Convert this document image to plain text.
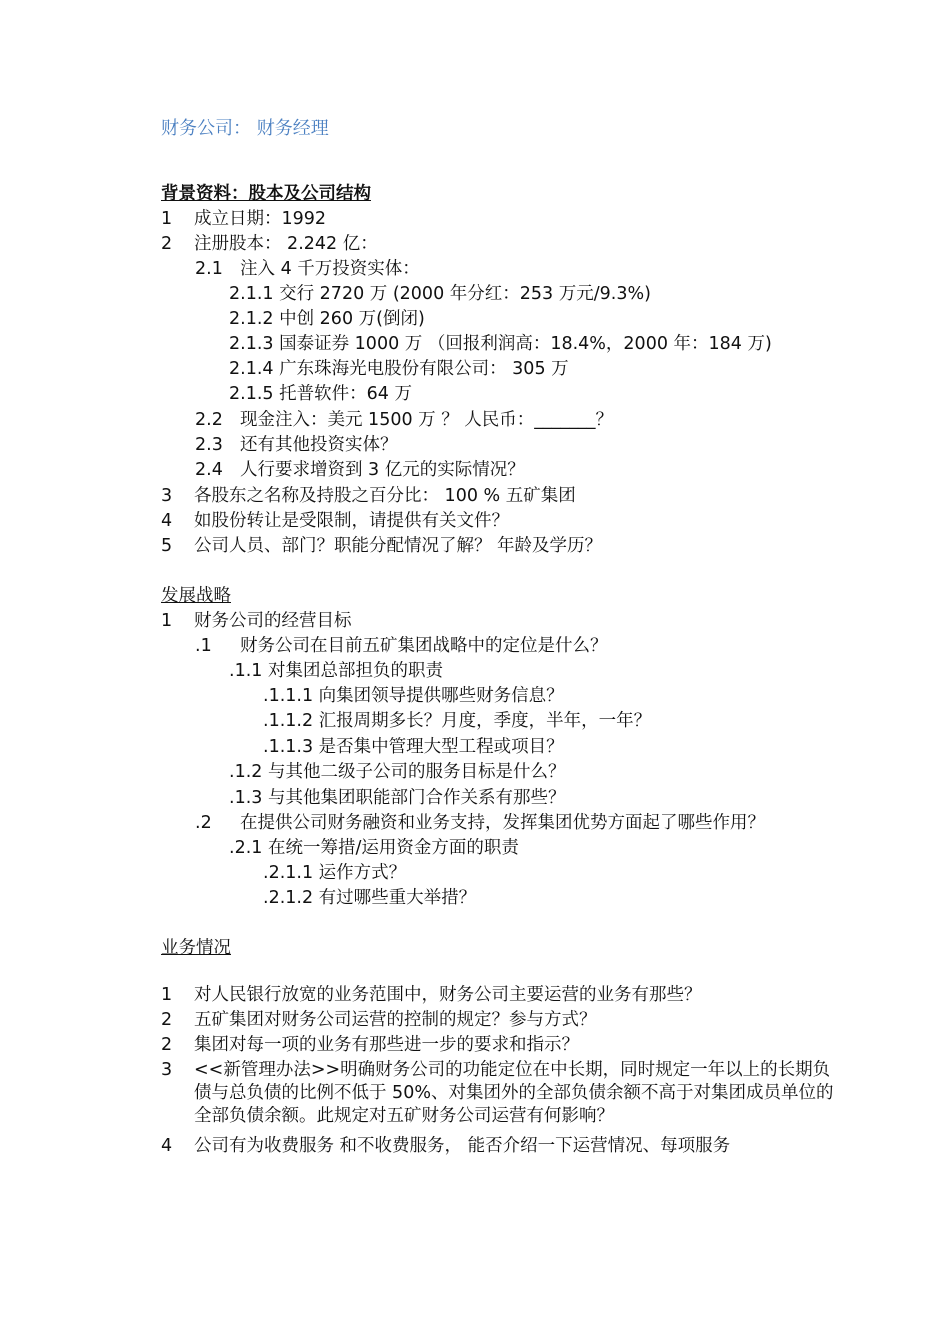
财务公司： 财务经理
背景资料：股本及公司结构
1 成立日期：1992
2 注册股本： 2.242 亿：
2.1 注入 4 千万投资实体：
2.1.1 交行 2720 万 (2000 年分红：253 万元/9.3%)
2.1.2 中创 260 万(倒闭)
2.1.3 国泰证券 1000 万 （回报利润高：18.4%，2000 年：184 万)
2.1.4 广东珠海光电股份有限公司： 305 万
2.1.5 托普软件：64 万
2.2 现金注入：美元 1500 万 ？ 人民币：_______？
2.3 还有其他投资实体？
2.4 人行要求增资到 3 亿元的实际情况？
3 各股东之名称及持股之百分比： 100 % 五矿集团
4 如股份转让是受限制，请提供有关文件？
5 公司人员、部门？职能分配情况了解？ 年龄及学历？
发展战略
1 财务公司的经营目标
.1 财务公司在目前五矿集团战略中的定位是什么？
.1.1 对集团总部担负的职责
.1.1.1 向集团领导提供哪些财务信息？
.1.1.2 汇报周期多长？月度，季度，半年，一年？
.1.1.3 是否集中管理大型工程或项目？
.1.2 与其他二级子公司的服务目标是什么？
.1.3 与其他集团职能部门合作关系有那些？
.2 在提供公司财务融资和业务支持，发挥集团优势方面起了哪些作用？
.2.1 在统一筹措/运用资金方面的职责
.2.1.1 运作方式？
.2.1.2 有过哪些重大举措？
业务情况
1 对人民银行放宽的业务范围中，财务公司主要运营的业务有那些？
2 五矿集团对财务公司运营的控制的规定？参与方式？
2 集团对每一项的业务有那些进一步的要求和指示？
3 <<新管理办法>>明确财务公司的功能定位在中长期，同时规定一年以上的长期负债与总负债的比例不低于 50%、对集团外的全部负债余额不高于对集团成员单位的全部负债余额。此规定对五矿财务公司运营有何影响？
4 公司有为收费服务 和不收费服务， 能否介绍一下运营情况、每项服务
